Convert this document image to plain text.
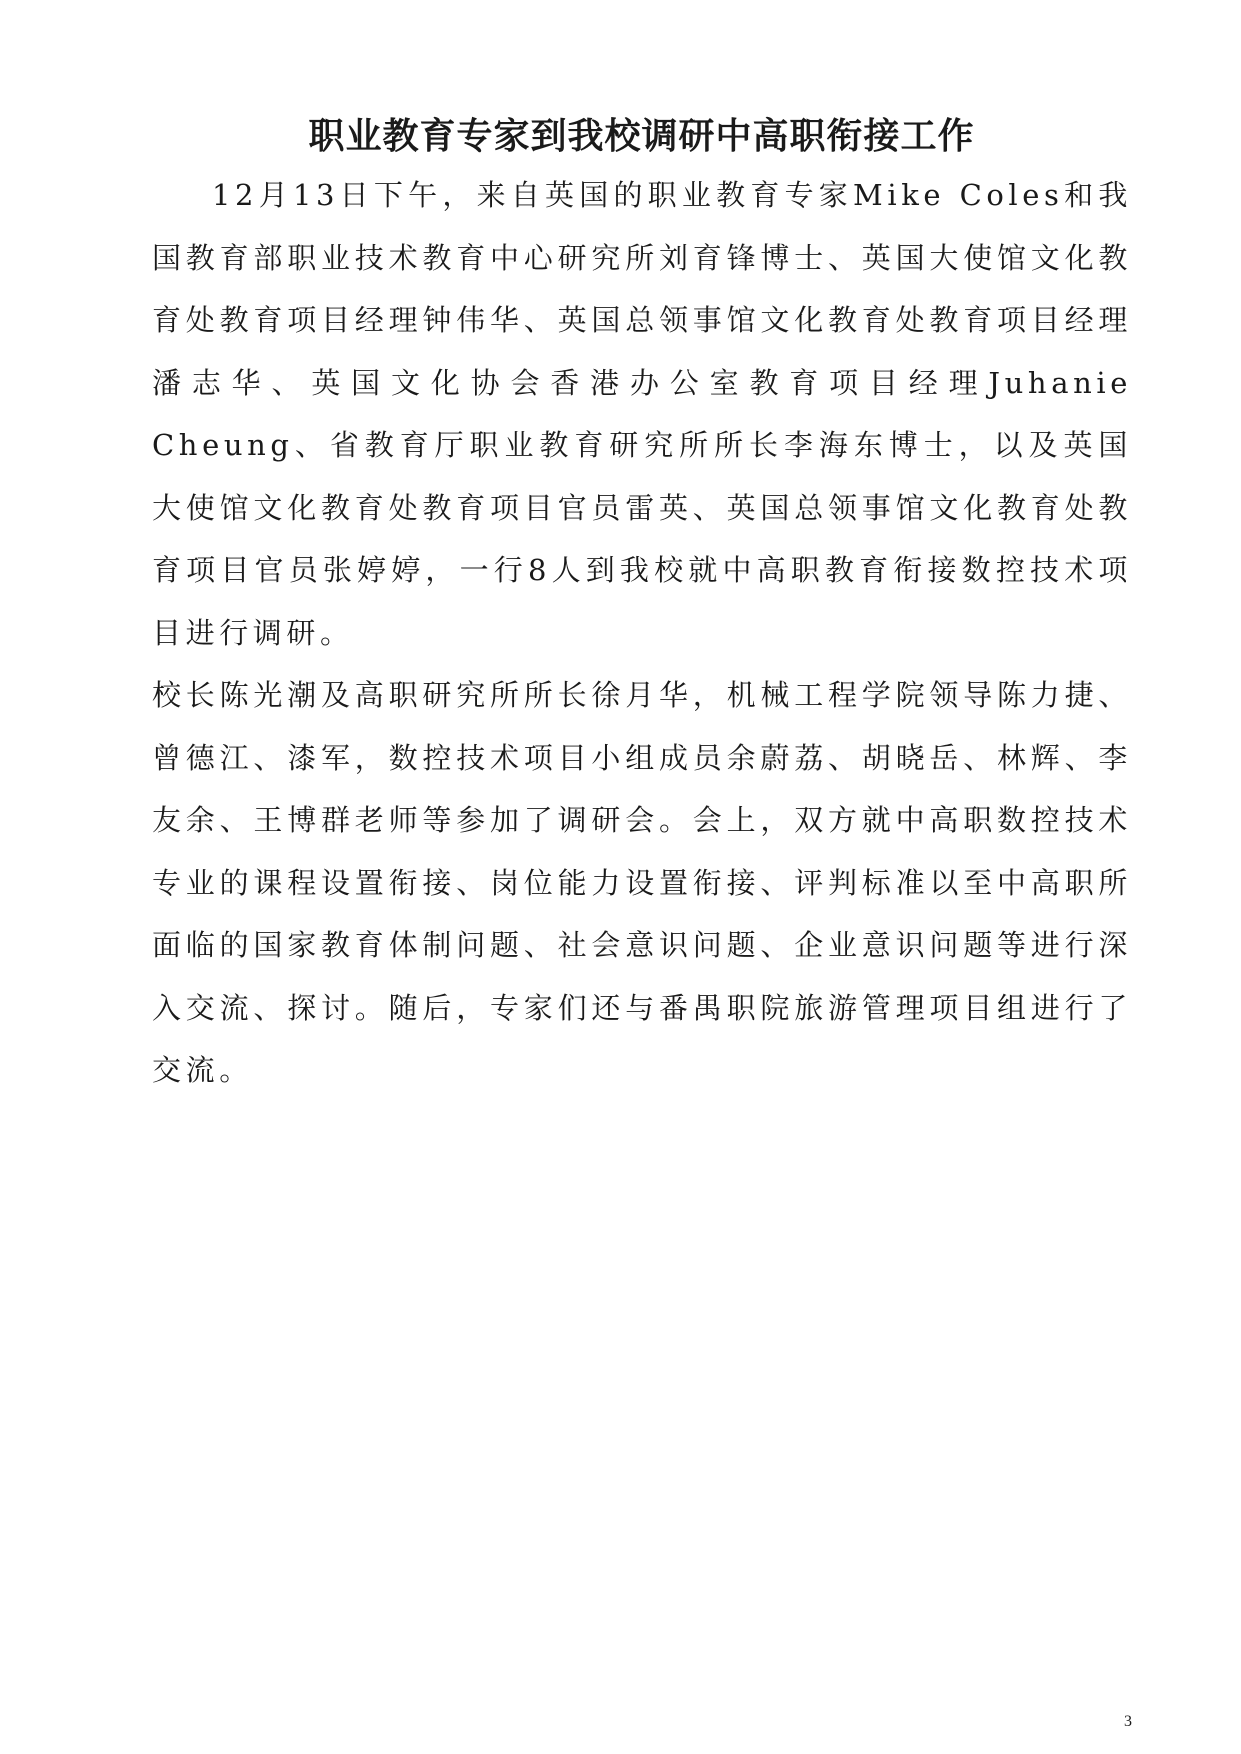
职业教育专家到我校调研中高职衔接工作

12月13日下午，来自英国的职业教育专家Mike Coles和我国教育部职业技术教育中心研究所刘育锋博士、英国大使馆文化教育处教育项目经理钟伟华、英国总领事馆文化教育处教育项目经理潘志华、英国文化协会香港办公室教育项目经理Juhanie Cheung、省教育厅职业教育研究所所长李海东博士，以及英国大使馆文化教育处教育项目官员雷英、英国总领事馆文化教育处教育项目官员张婷婷，一行8人到我校就中高职教育衔接数控技术项目进行调研。

校长陈光潮及高职研究所所长徐月华，机械工程学院领导陈力捷、曾德江、漆军，数控技术项目小组成员余蔚荔、胡晓岳、林辉、李友余、王博群老师等参加了调研会。会上，双方就中高职数控技术专业的课程设置衔接、岗位能力设置衔接、评判标准以至中高职所面临的国家教育体制问题、社会意识问题、企业意识问题等进行深入交流、探讨。随后，专家们还与番禺职院旅游管理项目组进行了交流。

3
